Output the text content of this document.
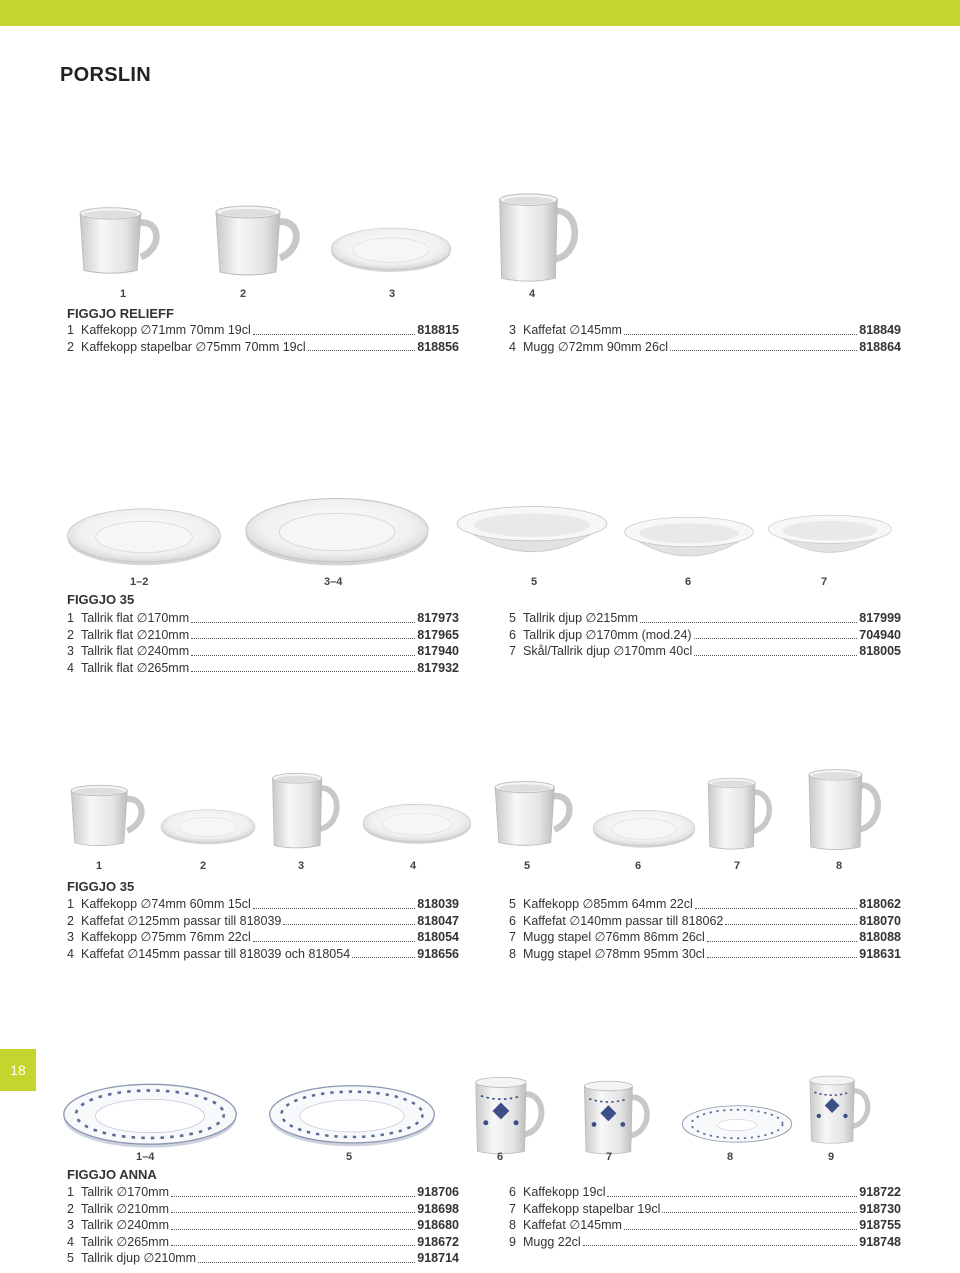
PORSLIN
18
1	2	3	4
FIGGJO RELIEFF
1 Kaffekopp ∅71mm 70mm 19cl	818815
2 Kaffekopp stapelbar ∅75mm 70mm 19cl	818856
3 Kaffefat ∅145mm	818849
4 Mugg ∅72mm 90mm 26cl	818864
1–2	3–4	5	6	7
FIGGJO 35
1 Tallrik flat ∅170mm	817973
2 Tallrik flat ∅210mm	817965
3 Tallrik flat ∅240mm	817940
4 Tallrik flat ∅265mm	817932
5 Tallrik djup ∅215mm	817999
6 Tallrik djup ∅170mm (mod.24)	704940
7 Skål/Tallrik djup ∅170mm 40cl	818005
1	2	3	4	5	6	7	8
FIGGJO 35
1 Kaffekopp ∅74mm 60mm 15cl	818039
2 Kaffefat ∅125mm passar till 818039	818047
3 Kaffekopp ∅75mm 76mm 22cl	818054
4 Kaffefat ∅145mm passar till 818039 och 818054	918656
5 Kaffekopp ∅85mm 64mm 22cl	818062
6 Kaffefat ∅140mm passar till 818062	818070
7 Mugg stapel ∅76mm 86mm 26cl	818088
8 Mugg stapel ∅78mm 95mm 30cl	918631
1–4	5	6	7	8	9
FIGGJO ANNA
1 Tallrik ∅170mm	918706
2 Tallrik ∅210mm	918698
3 Tallrik ∅240mm	918680
4 Tallrik ∅265mm	918672
5 Tallrik djup ∅210mm	918714
6 Kaffekopp 19cl	918722
7 Kaffekopp stapelbar 19cl	918730
8 Kaffefat ∅145mm	918755
9 Mugg 22cl	918748
